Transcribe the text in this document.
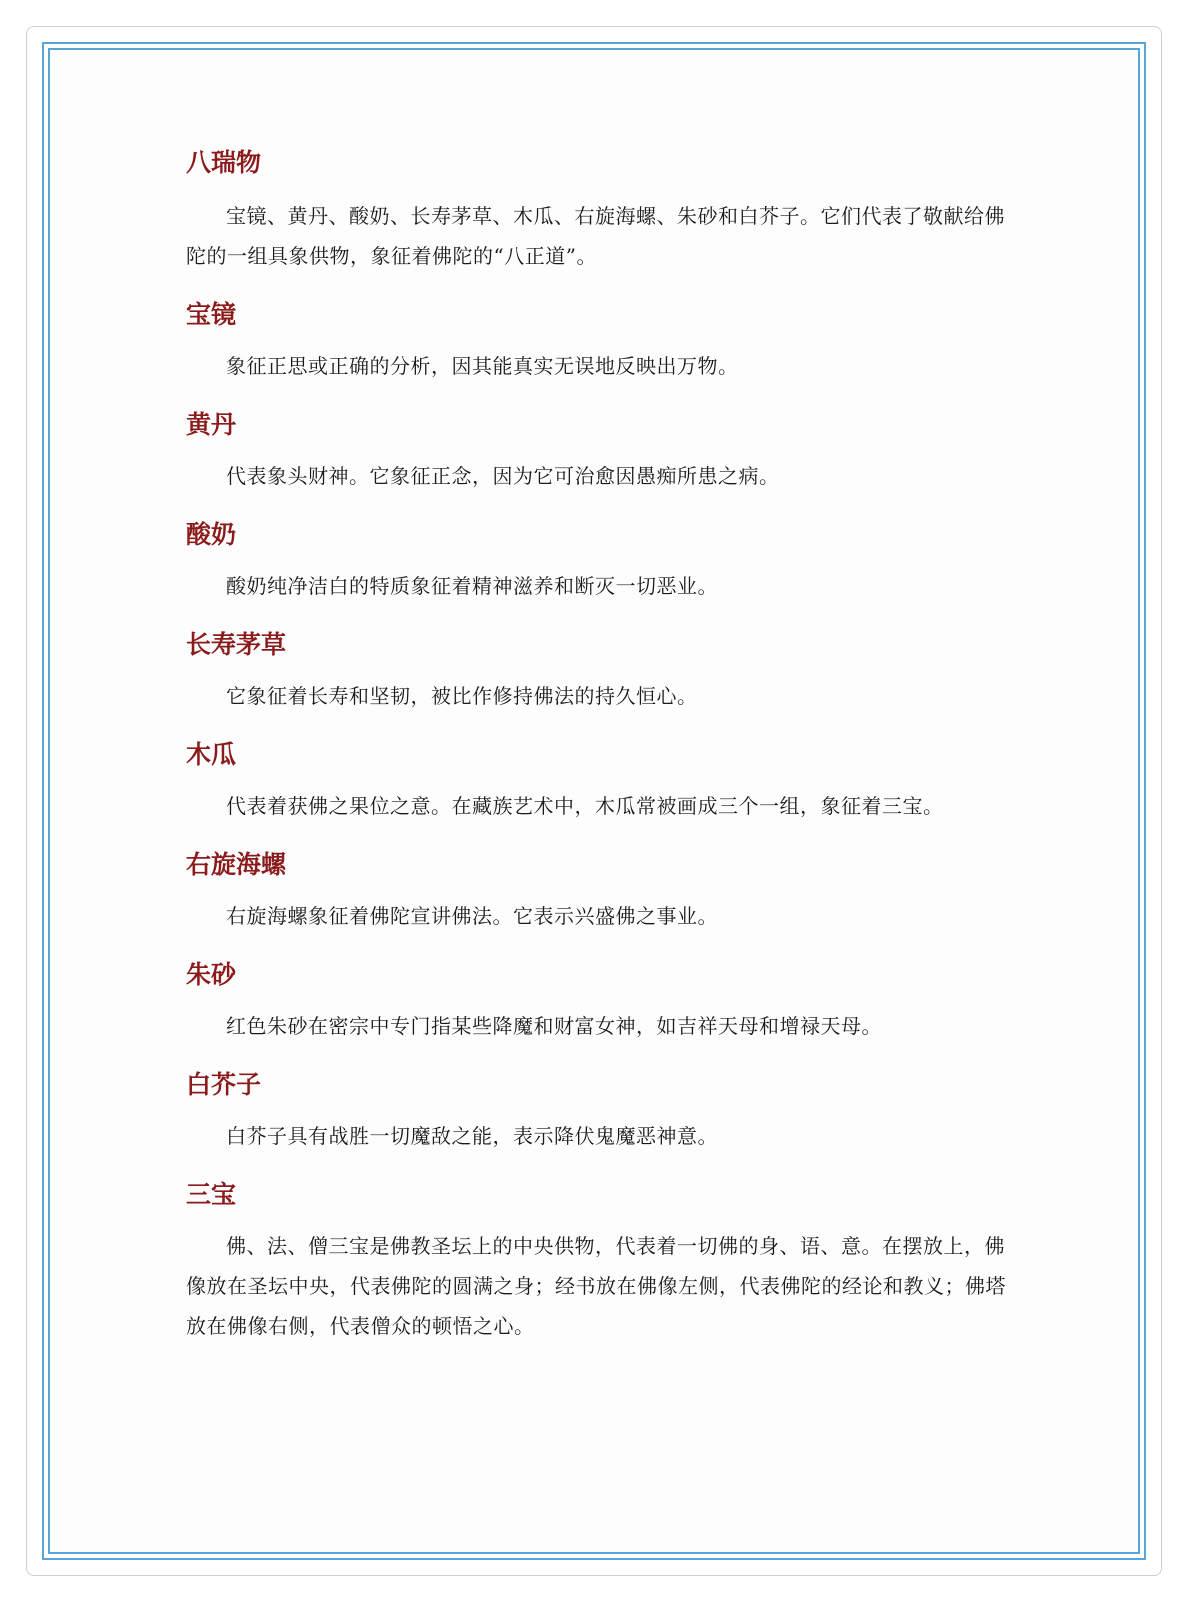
八瑞物

宝镜、黄丹、酸奶、长寿茅草、木瓜、右旋海螺、朱砂和白芥子。它们代表了敬献给佛陀的一组具象供物，象征着佛陀的“八正道”。

宝镜

象征正思或正确的分析，因其能真实无误地反映出万物。

黄丹

代表象头财神。它象征正念，因为它可治愈因愚痴所患之病。

酸奶

酸奶纯净洁白的特质象征着精神滋养和断灭一切恶业。

长寿茅草

它象征着长寿和坚韧，被比作修持佛法的持久恒心。

木瓜

代表着获佛之果位之意。在藏族艺术中，木瓜常被画成三个一组，象征着三宝。

右旋海螺

右旋海螺象征着佛陀宣讲佛法。它表示兴盛佛之事业。

朱砂

红色朱砂在密宗中专门指某些降魔和财富女神，如吉祥天母和增禄天母。

白芥子

白芥子具有战胜一切魔敌之能，表示降伏鬼魔恶神意。

三宝

佛、法、僧三宝是佛教圣坛上的中央供物，代表着一切佛的身、语、意。在摆放上，佛像放在圣坛中央，代表佛陀的圆满之身；经书放在佛像左侧，代表佛陀的经论和教义；佛塔放在佛像右侧，代表僧众的顿悟之心。
